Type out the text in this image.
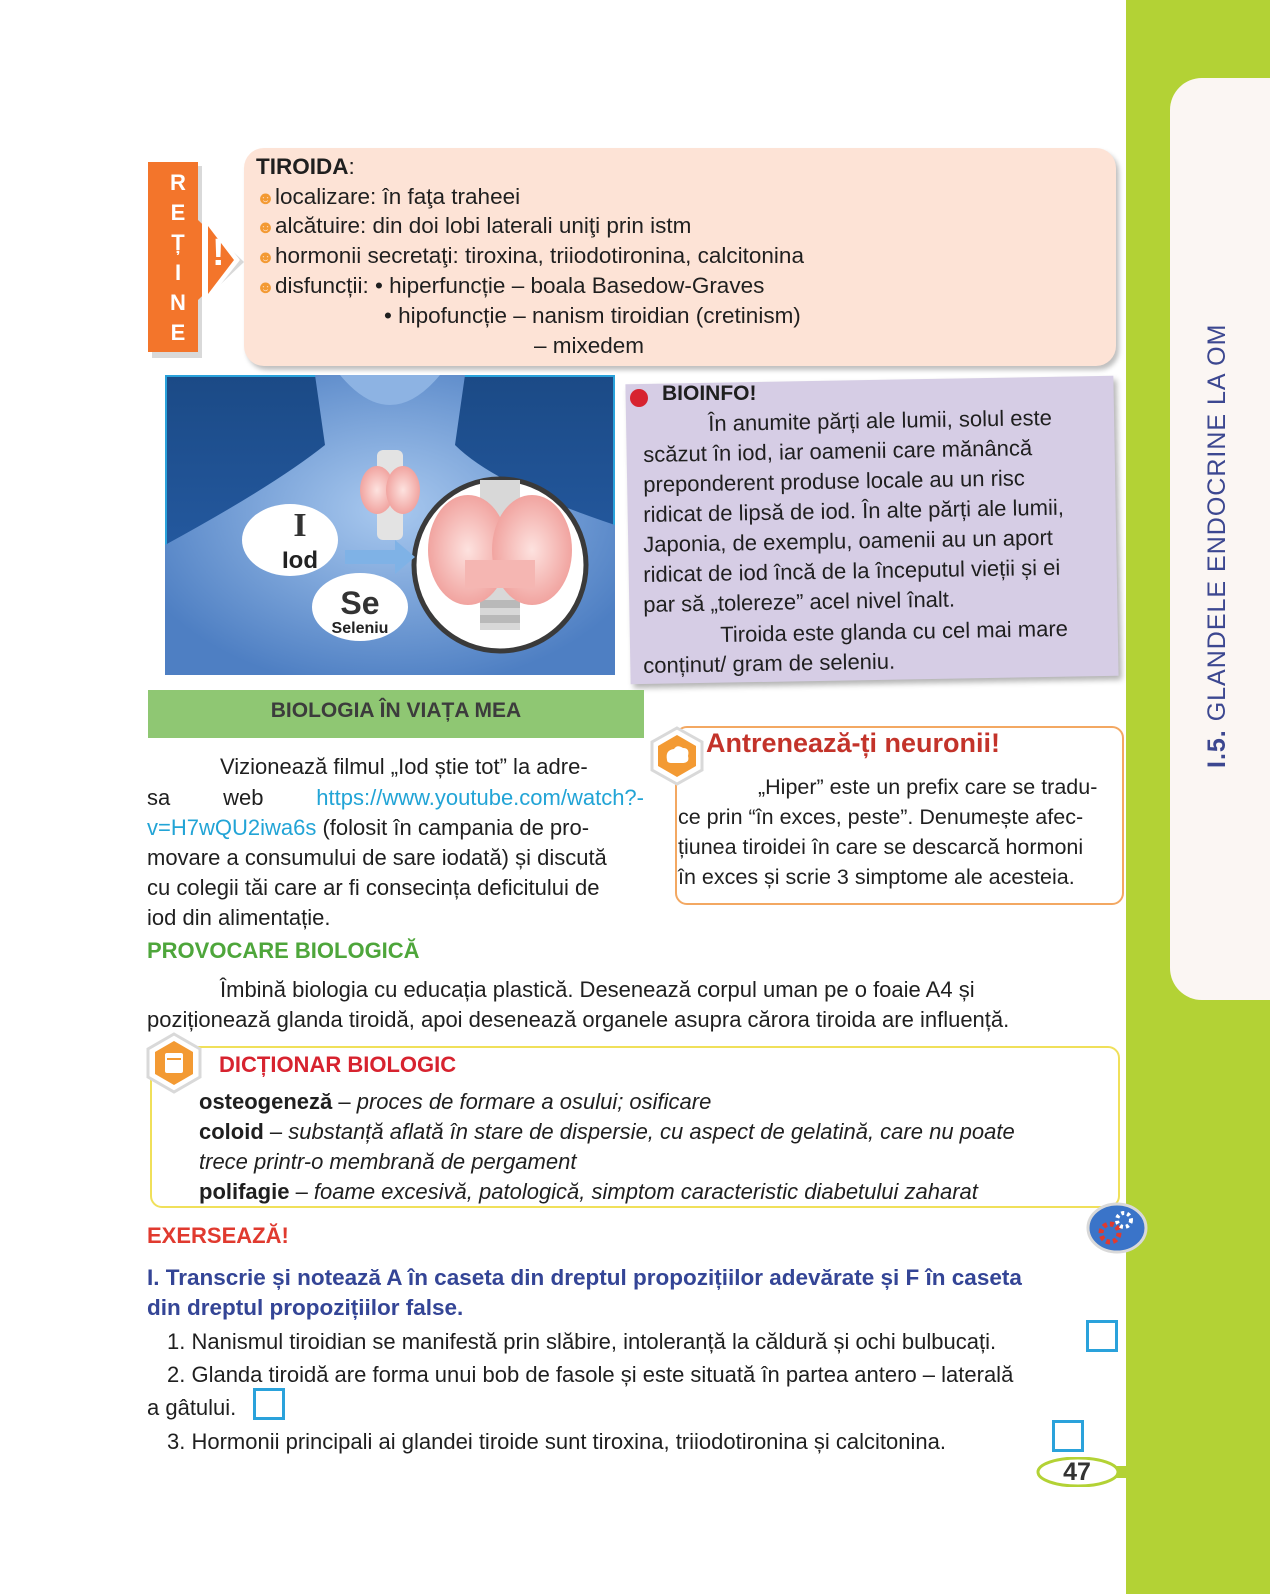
I.5. GLANDELE ENDOCRINE LA OM
R
E
Ț
I
N
E
!
TIROIDA:
☻localizare: în faţa traheei
☻alcătuire: din doi lobi laterali uniţi prin istm
☻hormonii secretaţi: tiroxina, triiodotironina, calcitonina
☻disfuncții: • hiperfuncție – boala Basedow-Graves
• hipofuncție – nanism tiroidian (cretinism)
– mixedem
I
Iod
Se
Seleniu
BIOINFO!
În anumite părți ale lumii, solul este
scăzut în iod, iar oamenii care mănâncă
preponderent produse locale au un risc
ridicat de lipsă de iod. În alte părți ale lumii,
Japonia, de exemplu, oamenii au un aport
ridicat de iod încă de la începutul vieții și ei
par să „tolereze” acel nivel înalt.
Tiroida este glanda cu cel mai mare
conținut/ gram de seleniu.
BIOLOGIA ÎN VIAȚA MEA
Vizionează filmul „Iod știe tot” la adre-
sa web https://www.youtube.com/watch?-
v=H7wQU2iwa6s (folosit în campania de pro-
movare a consumului de sare iodată) și discută
cu colegii tăi care ar fi consecința deficitului de
iod din alimentație.
Antrenează-ți neuronii!
„Hiper” este un prefix care se tradu-
ce prin “în exces, peste”. Denumește afec-
țiunea tiroidei în care se descarcă hormoni
în exces și scrie 3 simptome ale acesteia.
PROVOCARE BIOLOGICĂ
Îmbină biologia cu educația plastică. Desenează corpul uman pe o foaie A4 și
poziționează glanda tiroidă, apoi desenează organele asupra cărora tiroida are influență.
DICȚIONAR BIOLOGIC
osteogeneză – proces de formare a osului; osificare
coloid – substanță aflată în stare de dispersie, cu aspect de gelatină, care nu poate
trece printr-o membrană de pergament
polifagie – foame excesivă, patologică, simptom caracteristic diabetului zaharat
EXERSEAZĂ!
I. Transcrie și notează A în caseta din dreptul propozițiilor adevărate și F în caseta
din dreptul propozițiilor false.
1. Nanismul tiroidian se manifestă prin slăbire, intoleranță la căldură și ochi bulbucați.
2. Glanda tiroidă are forma unui bob de fasole și este situată în partea antero – laterală
a gâtului.
3. Hormonii principali ai glandei tiroide sunt tiroxina, triiodotironina și calcitonina.
47
